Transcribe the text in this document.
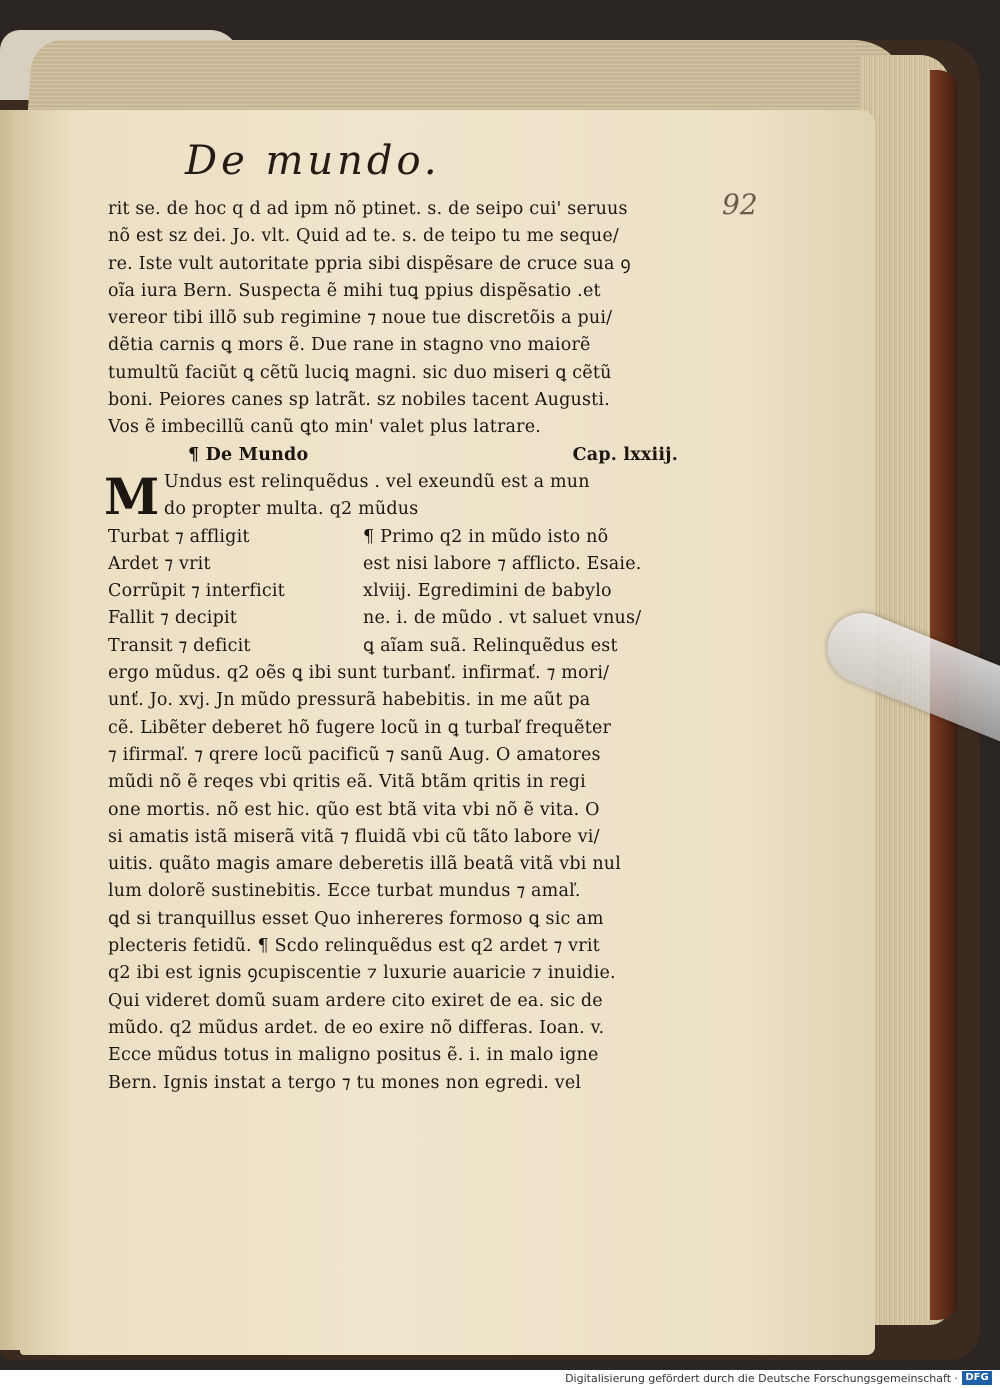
De mundo.
92
rit se. de hoc q d ad ipm nõ ptinet. s. de seipo cui' seruus
nõ est sz dei. Jo. vlt. Quid ad te. s. de teipo tu me seque/
re. Iste vult autoritate ppria sibi dispẽsare de cruce sua ꝯ
oĩa iura Bern. Suspecta ẽ mihi tuꝗ ppius dispẽsatio .et
vereor tibi illõ sub regimine ⁊ noue tue discretõis a pui/
dẽtia carnis ꝗ mors ẽ. Due rane in stagno vno maiorẽ
tumultũ faciũt ꝗ cẽtũ luciꝗ magni. sic duo miseri ꝗ cẽtũ
boni. Peiores canes sp latrãt. sz nobiles tacent Augusti.
Vos ẽ imbecillũ canũ ꝗto min' valet plus latrare.
¶ De Mundo	Cap. lxxiij.
M Undus est relinquẽdus . vel exeundũ est a mun
do propter multa. q2 mũdus
Turbat ⁊ affligit
Ardet ⁊ vrit
Corrũpit ⁊ interficit
Fallit ⁊ decipit
Transit ⁊ deficit
¶ Primo q2 in mũdo isto nõ
est nisi labore ⁊ afflicto. Esaie.
xlviij. Egredimini de babylo
ne. i. de mũdo . vt saluet vnus/
ꝗ aĩam suã. Relinquẽdus est
ergo mũdus. q2 oẽs ꝗ ibi sunt turbanť. infirmať. ⁊ mori/
unť. Jo. xvj. Jn mũdo pressurã habebitis. in me aũt pa
cẽ. Libẽter deberet hõ fugere locũ in ꝗ turbaľ frequẽter
⁊ ifirmaľ. ⁊ qrere locũ pacificũ ⁊ sanũ Aug. O amatores
mũdi nõ ẽ reqes vbi qritis eã. Vitã btãm qritis in regi
one mortis. nõ est hic. qũo est btã vita vbi nõ ẽ vita. O
si amatis istã miserã vitã ⁊ fluidã vbi cũ tãto labore vi/
uitis. quãto magis amare deberetis illã beatã vitã vbi nul
lum dolorẽ sustinebitis. Ecce turbat mundus ⁊ amaľ.
ꝗd si tranquillus esset Quo inhereres formoso ꝗ sic am
plecteris fetidũ. ¶ Scdo relinquẽdus est q2 ardet ⁊ vrit
q2 ibi est ignis ꝯcupiscentie ⁊ luxurie auaricie ⁊ inuidie.
Qui videret domũ suam ardere cito exiret de ea. sic de
mũdo. q2 mũdus ardet. de eo exire nõ differas. Ioan. v.
Ecce mũdus totus in maligno positus ẽ. i. in malo igne
Bern. Ignis instat a tergo ⁊ tu mones non egredi. vel
Digitalisierung gefördert durch die Deutsche Forschungsgemeinschaft · DFG
